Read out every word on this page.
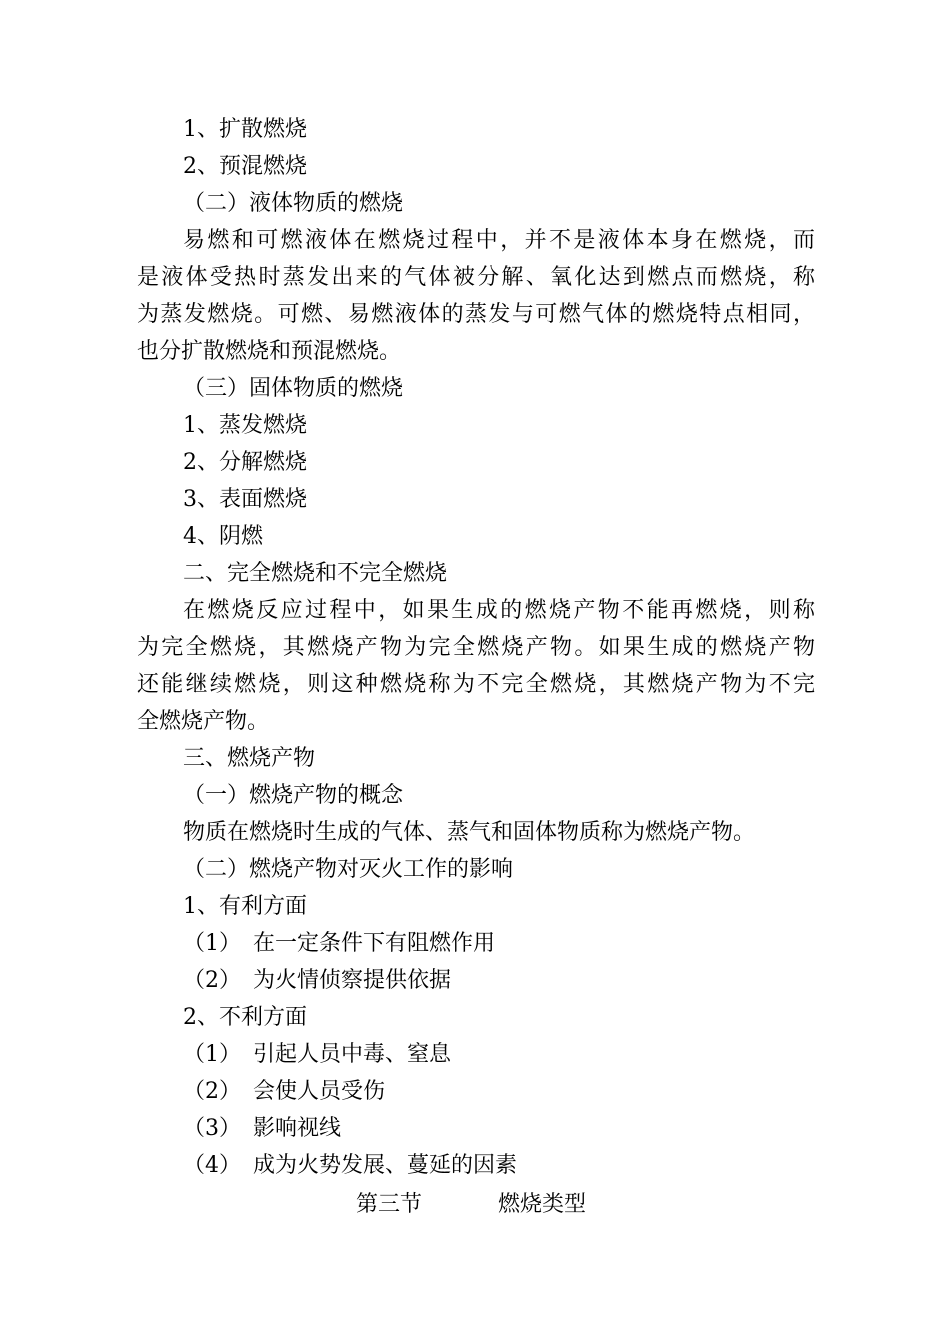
1、扩散燃烧
2、预混燃烧
（二）液体物质的燃烧
易燃和可燃液体在燃烧过程中，并不是液体本身在燃烧，而
是液体受热时蒸发出来的气体被分解、氧化达到燃点而燃烧，称
为蒸发燃烧。可燃、易燃液体的蒸发与可燃气体的燃烧特点相同，
也分扩散燃烧和预混燃烧。
（三）固体物质的燃烧
1、蒸发燃烧
2、分解燃烧
3、表面燃烧
4、阴燃
二、完全燃烧和不完全燃烧
在燃烧反应过程中，如果生成的燃烧产物不能再燃烧，则称
为完全燃烧，其燃烧产物为完全燃烧产物。如果生成的燃烧产物
还能继续燃烧，则这种燃烧称为不完全燃烧，其燃烧产物为不完
全燃烧产物。
三、燃烧产物
（一）燃烧产物的概念
物质在燃烧时生成的气体、蒸气和固体物质称为燃烧产物。
（二）燃烧产物对灭火工作的影响
1、有利方面
（1） 在一定条件下有阻燃作用
（2） 为火情侦察提供依据
2、不利方面
（1） 引起人员中毒、窒息
（2） 会使人员受伤
（3） 影响视线
（4） 成为火势发展、蔓延的因素
第三节	燃烧类型
